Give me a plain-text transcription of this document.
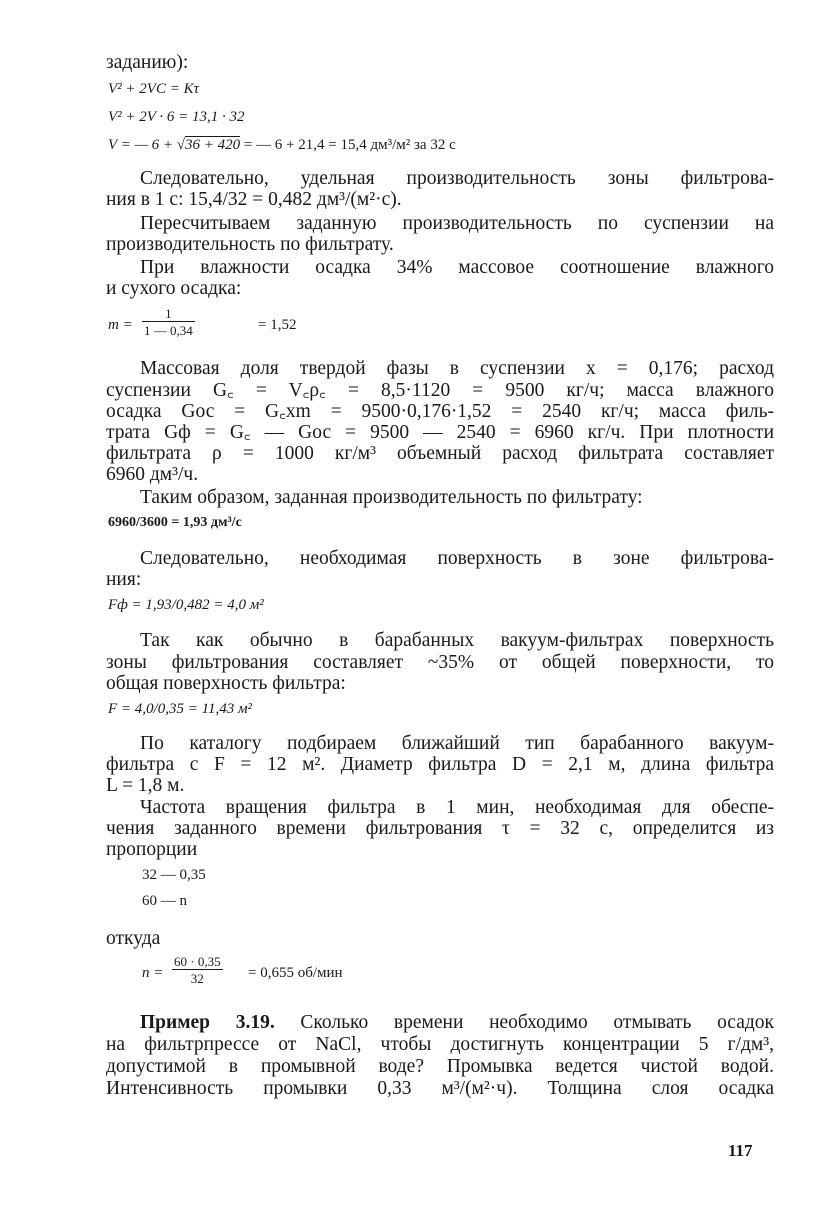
заданию):
V² + 2VC = Kτ
V² + 2V · 6 = 13,1 · 32
V = — 6 + √36 + 420 = — 6 + 21,4 = 15,4 дм³/м² за 32 с
Следовательно, удельная производительность зоны фильтрова-
ния в 1 с: 15,4/32 = 0,482 дм³/(м²·с).
Пересчитываем заданную производительность по суспензии на
производительность по фильтрату.
При влажности осадка 34% массовое соотношение влажного
и сухого осадка:
$m = \frac{1}{1 — 0,34}$	= 1,52
Массовая доля твердой фазы в суспензии x = 0,176; расход
суспензии G꜀ = V꜀ρ꜀ = 8,5·1120 = 9500 кг/ч; масса влажного
осадка Gос = G꜀xm = 9500·0,176·1,52 = 2540 кг/ч; масса филь-
трата Gф = G꜀ — Gос = 9500 — 2540 = 6960 кг/ч. При плотности
фильтрата ρ = 1000 кг/м³ объемный расход фильтрата составляет
6960 дм³/ч.
Таким образом, заданная производительность по фильтрату:
6960/3600 = 1,93 дм³/с
Следовательно, необходимая поверхность в зоне фильтрова-
ния:
Fф = 1,93/0,482 = 4,0 м²
Так как обычно в барабанных вакуум-фильтрах поверхность
зоны фильтрования составляет ~35% от общей поверхности, то
общая поверхность фильтра:
F = 4,0/0,35 = 11,43 м²
По каталогу подбираем ближайший тип барабанного вакуум-
фильтра с F = 12 м². Диаметр фильтра D = 2,1 м, длина фильтра
L = 1,8 м.
Частота вращения фильтра в 1 мин, необходимая для обеспе-
чения заданного времени фильтрования τ = 32 с, определится из
пропорции
32 — 0,35
60 — n
откуда
$n = \frac{60 \cdot 0,35}{32} = 0,655$ об/мин
Пример 3.19. Сколько времени необходимо отмывать осадок
на фильтрпрессе от NaCl, чтобы достигнуть концентрации 5 г/дм³,
допустимой в промывной воде? Промывка ведется чистой водой.
Интенсивность промывки 0,33 м³/(м²·ч). Толщина слоя осадка
117
